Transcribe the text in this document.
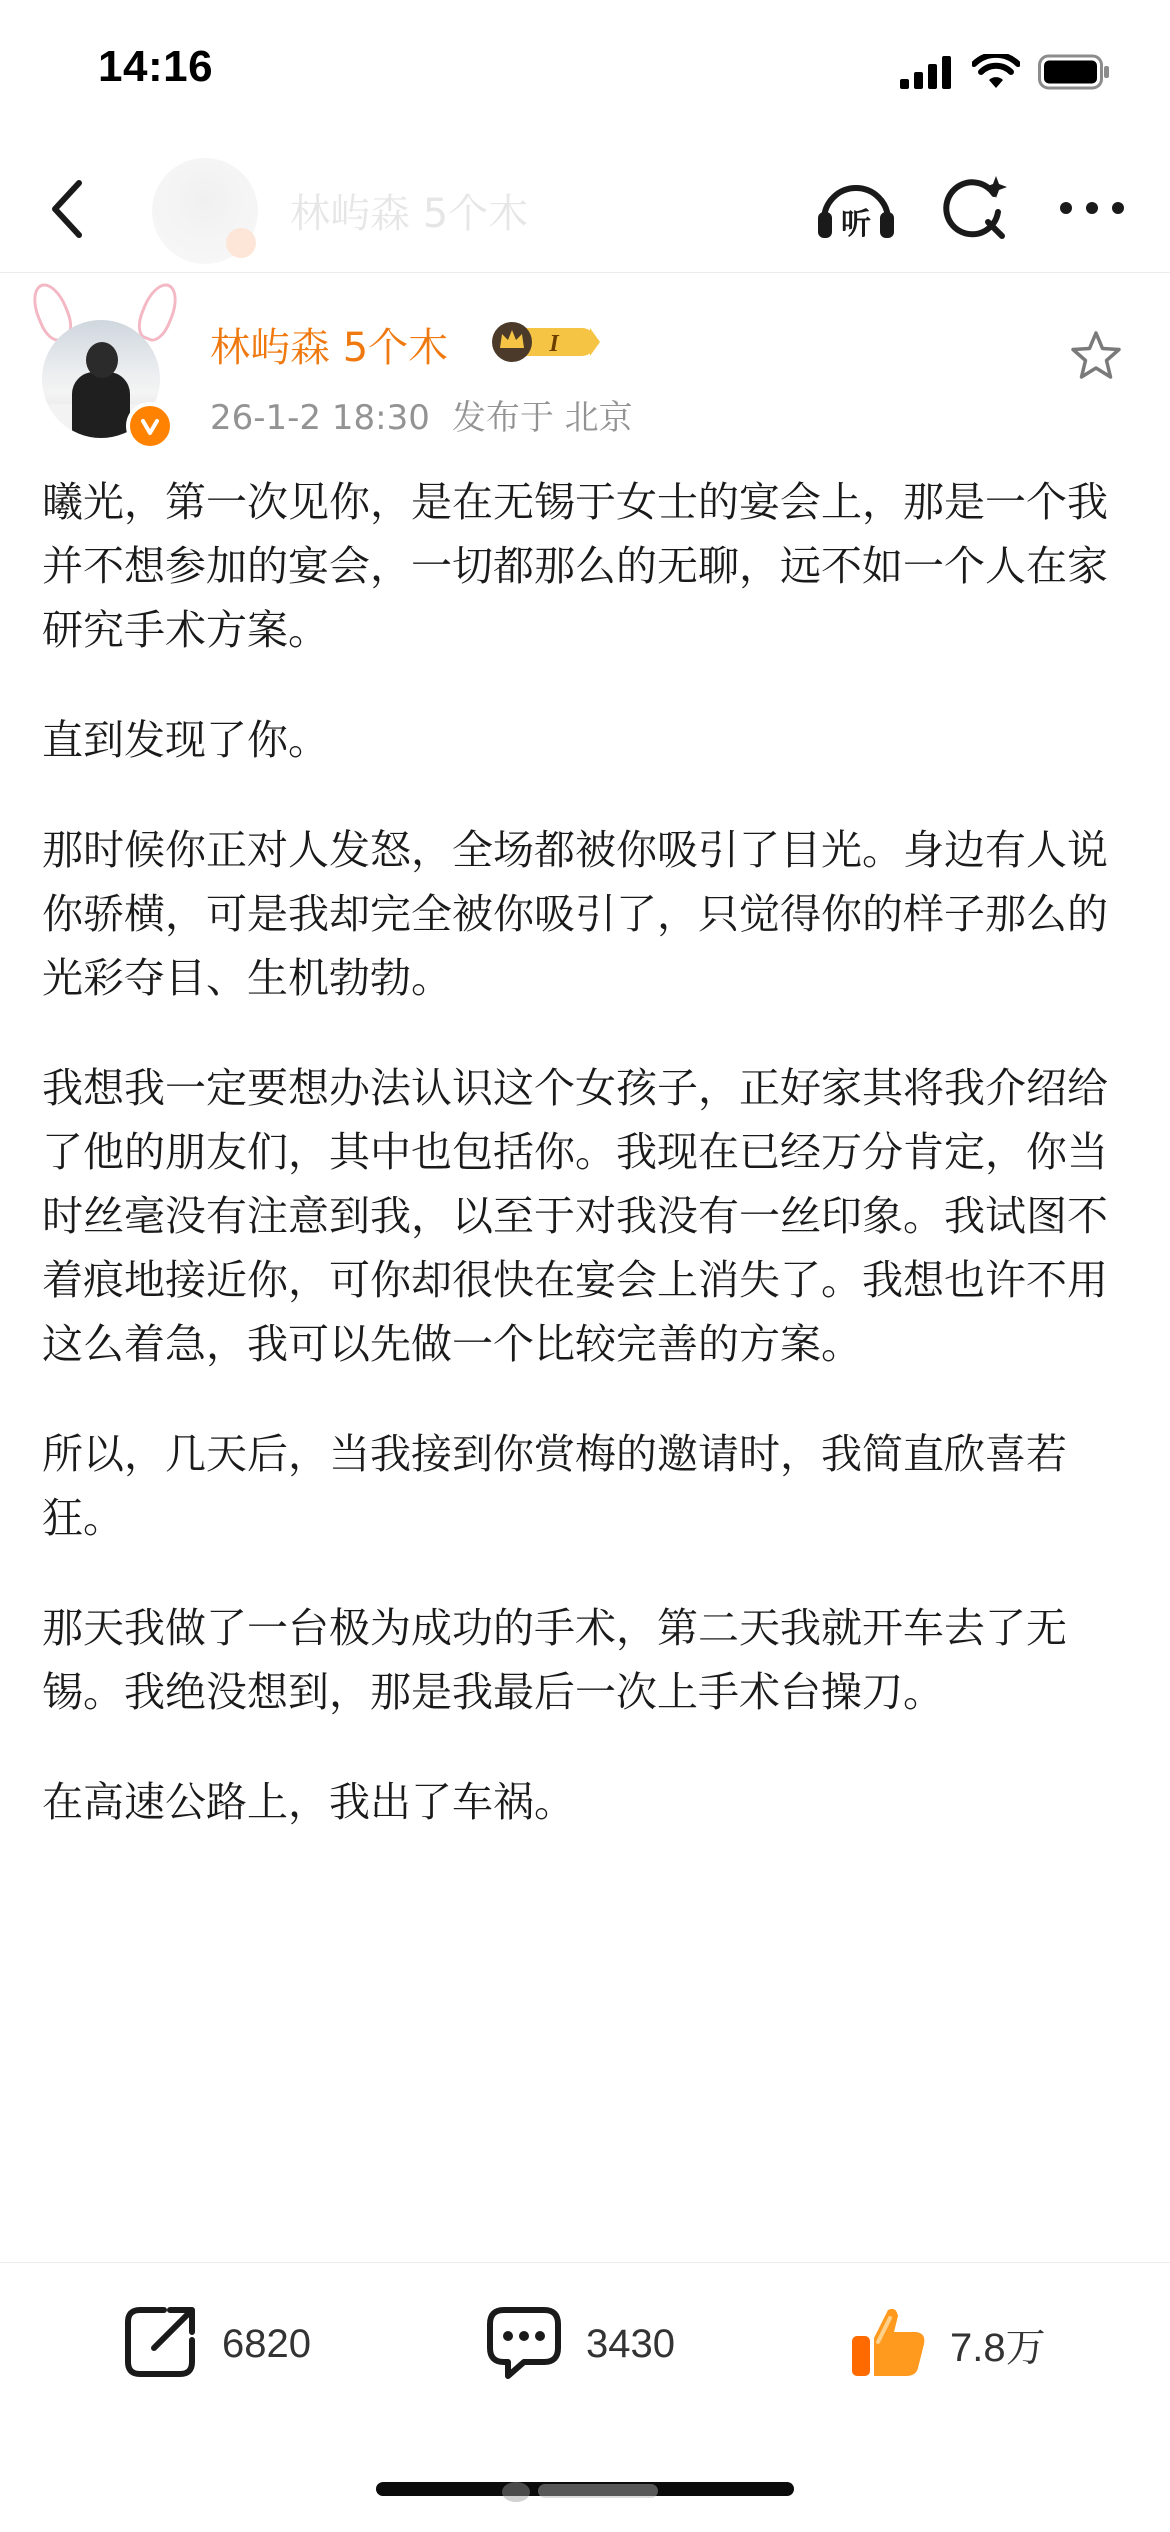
14:16
林屿森 5个木	听
林屿森 5个木	I
26-1-2 18:30 发布于 北京

曦光，第一次见你，是在无锡于女士的宴会上，那是一个我并不想参加的宴会，一切都那么的无聊，远不如一个人在家研究手术方案。

直到发现了你。

那时候你正对人发怒，全场都被你吸引了目光。身边有人说你骄横，可是我却完全被你吸引了，只觉得你的样子那么的光彩夺目、生机勃勃。

我想我一定要想办法认识这个女孩子，正好家其将我介绍给了他的朋友们，其中也包括你。我现在已经万分肯定，你当时丝毫没有注意到我，以至于对我没有一丝印象。我试图不着痕地接近你，可你却很快在宴会上消失了。我想也许不用这么着急，我可以先做一个比较完善的方案。

所以，几天后，当我接到你赏梅的邀请时，我简直欣喜若狂。

那天我做了一台极为成功的手术，第二天我就开车去了无锡。我绝没想到，那是我最后一次上手术台操刀。

在高速公路上，我出了车祸。

6820	3430	7.8万
